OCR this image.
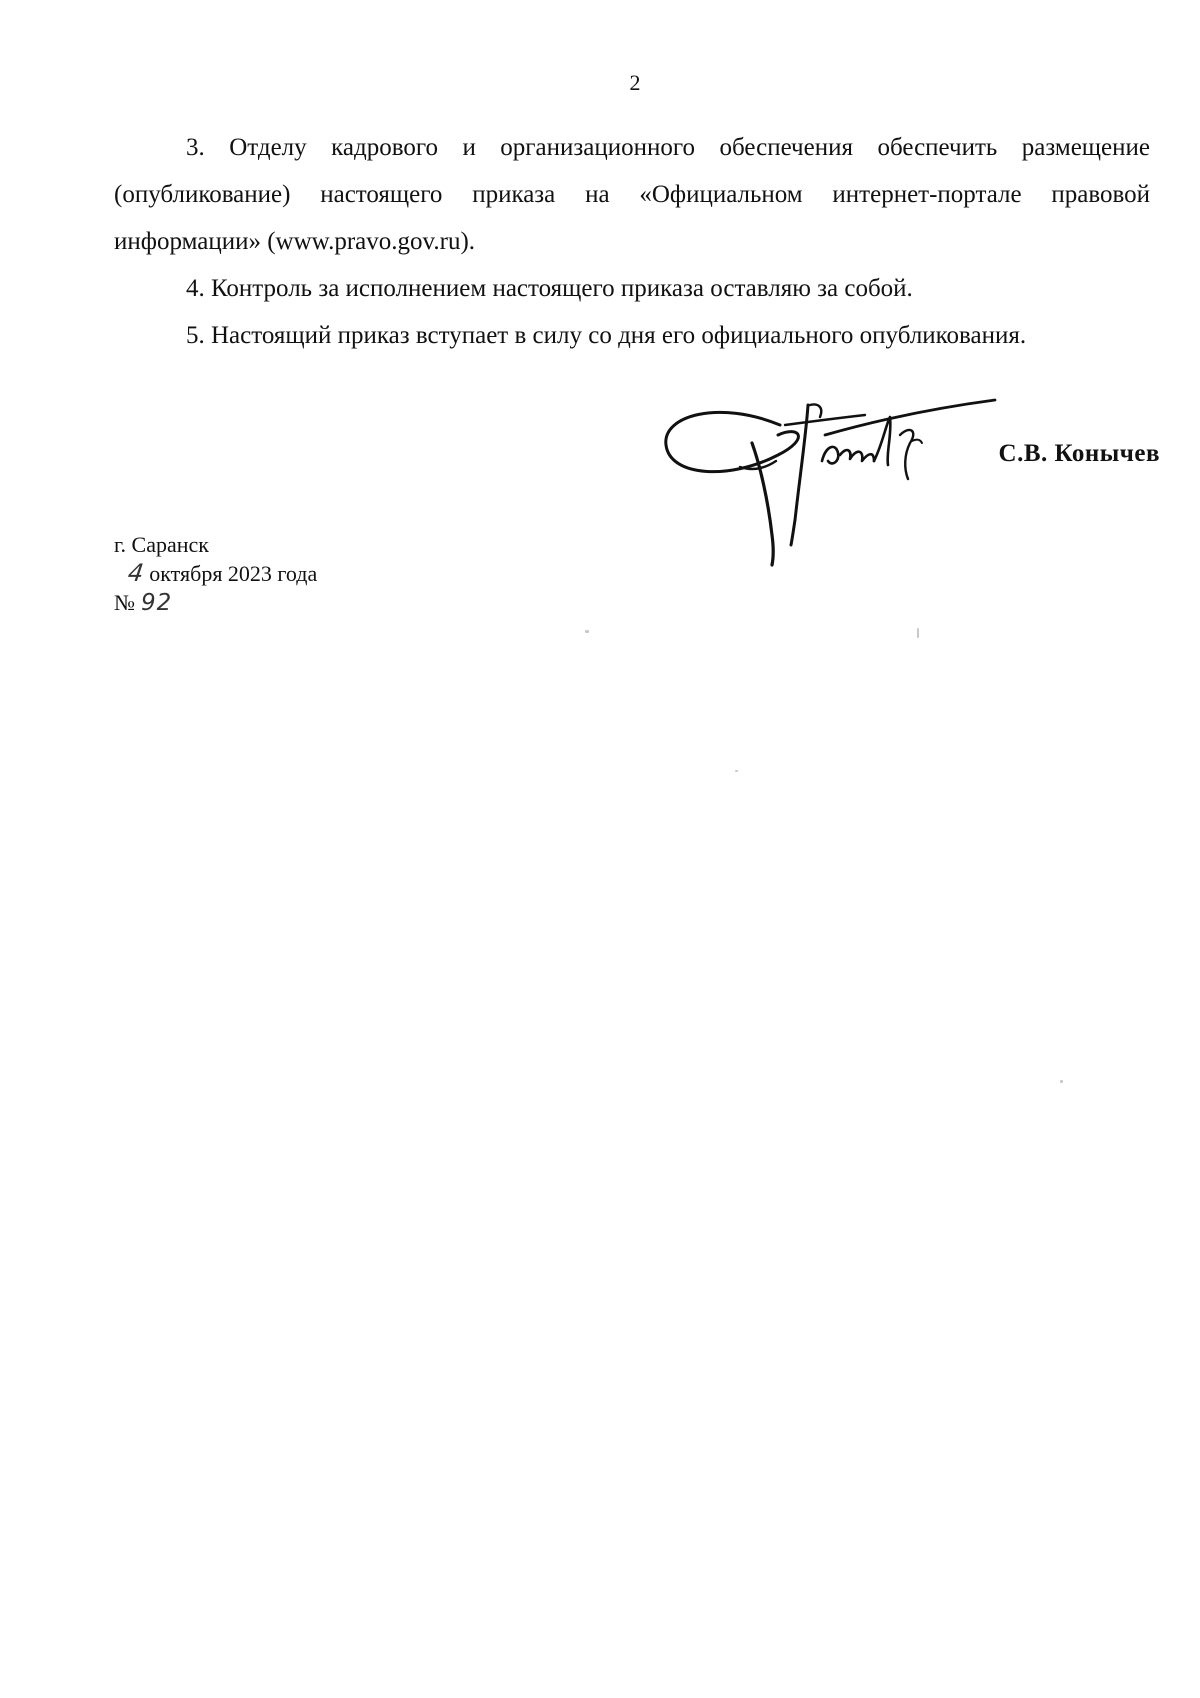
2

3. Отделу кадрового и организационного обеспечения обеспечить размещение (опубликование) настоящего приказа на «Официальном интернет-портале правовой информации» (www.pravo.gov.ru).

4. Контроль за исполнением настоящего приказа оставляю за собой.

5. Настоящий приказ вступает в силу со дня его официального опубликования.

С.В. Конычев
г. Саранск
4 октября 2023 года
№ 92
